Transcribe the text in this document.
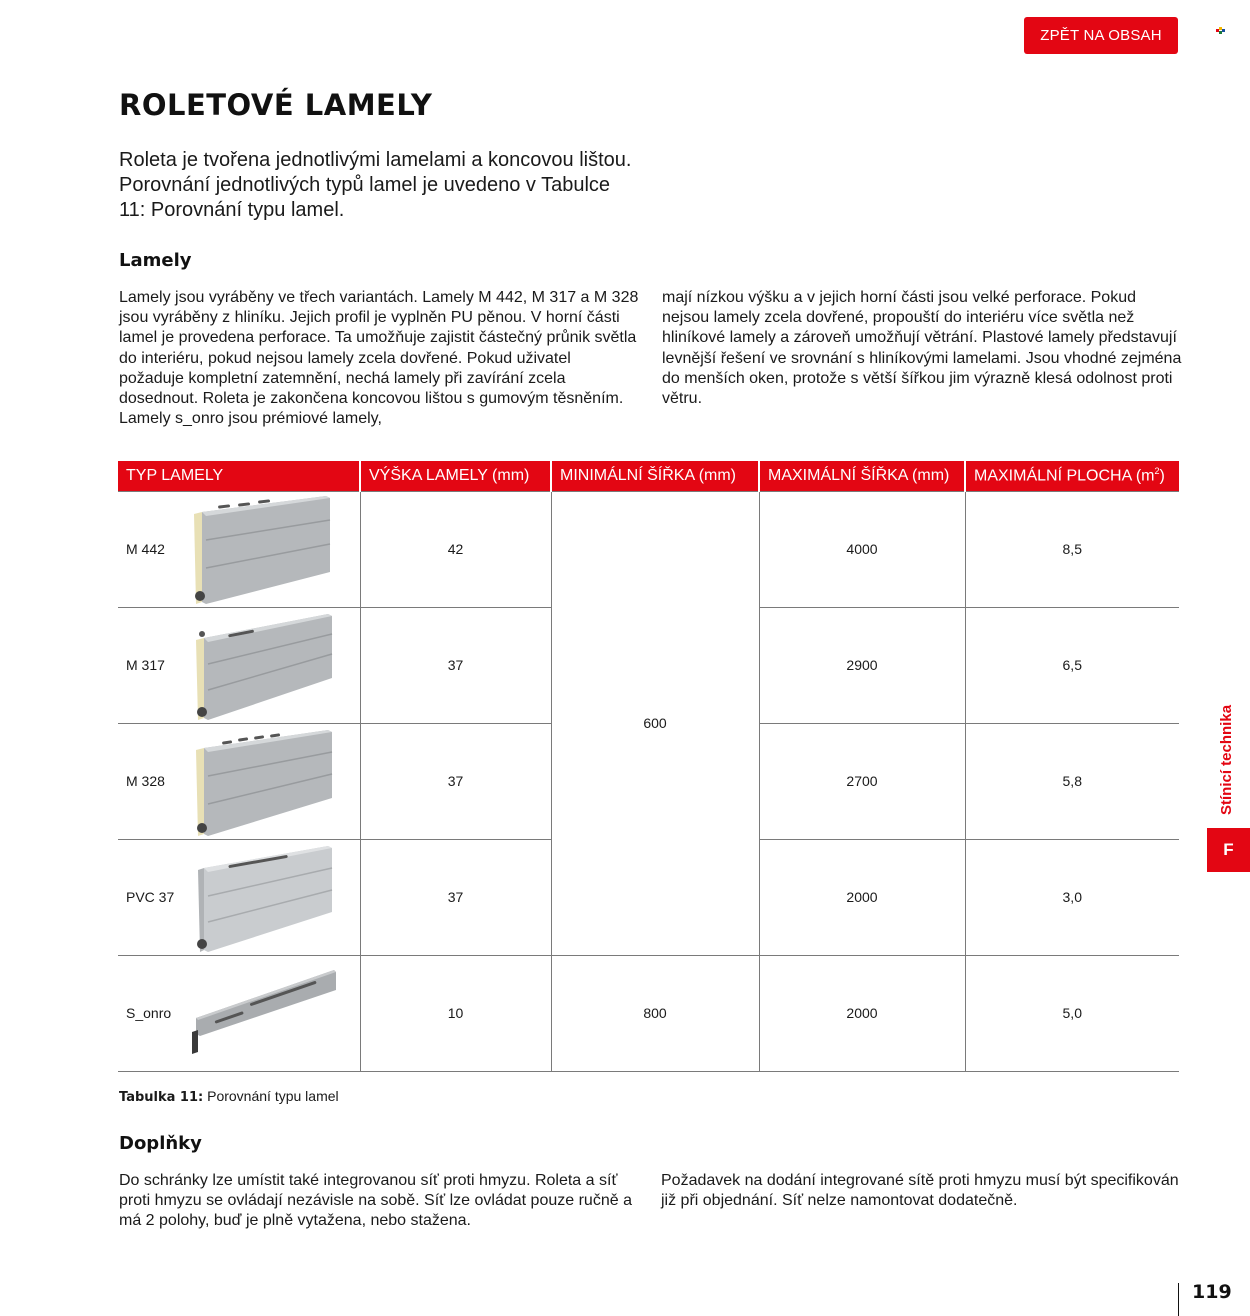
ZPĚT NA OBSAH
ROLETOVÉ LAMELY

Roleta je tvořena jednotlivými lamelami a koncovou lištou. Porovnání jednotlivých typů lamel je uvedeno v Tabulce 11: Porovnání typu lamel.

Lamely

Lamely jsou vyráběny ve třech variantách. Lamely M 442, M 317 a M 328 jsou vyráběny z hliníku. Jejich profil je vyplněn PU pěnou. V horní části lamel je provedena perforace. Ta umožňuje zajistit částečný průnik světla do interiéru, pokud nejsou lamely zcela dovřené. Pokud uživatel požaduje kompletní zatemnění, nechá lamely při zavírání zcela dosednout. Roleta je zakončena koncovou lištou s gumovým těsněním. Lamely s_onro jsou prémiové lamely,

mají nízkou výšku a v jejich horní části jsou velké perforace. Pokud nejsou lamely zcela dovřené, propouští do interiéru více světla než hliníkové lamely a zároveň umožňují větrání. Plastové lamely představují levnější řešení ve srovnání s hliníkovými lamelami. Jsou vhodné zejména do menších oken, protože s větší šířkou jim výrazně klesá odolnost proti větru.

TYP LAMELY	VÝŠKA LAMELY (mm)	MINIMÁLNÍ ŠÍŘKA (mm)	MAXIMÁLNÍ ŠÍŘKA (mm)	MAXIMÁLNÍ PLOCHA $(m^2)$

M 442	42	600	4000	8,5

M 317	37		2900	6,5

M 328	37		2700	5,8

PVC 37	37		2000	3,0

S_onro	10	800	2000	5,0

Tabulka 11: Porovnání typu lamel

Doplňky

Do schránky lze umístit také integrovanou síť proti hmyzu. Roleta a síť proti hmyzu se ovládají nezávisle na sobě. Síť lze ovládat pouze ručně a má 2 polohy, buď je plně vytažena, nebo stažena.

Požadavek na dodání integrované sítě proti hmyzu musí být specifikován již při objednání. Síť nelze namontovat dodatečně.

Stínicí technika
F
119
